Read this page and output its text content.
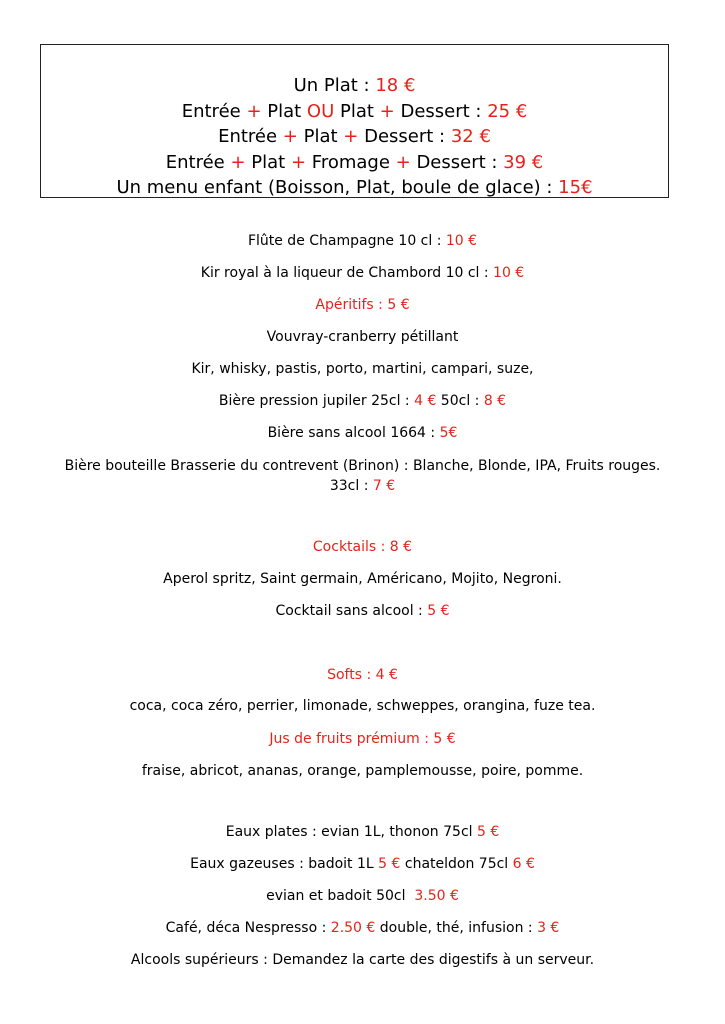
Un Plat : 18 €
Entrée + Plat OU Plat + Dessert : 25 €
Entrée + Plat + Dessert : 32 €
Entrée + Plat + Fromage + Dessert : 39 €
Un menu enfant (Boisson, Plat, boule de glace) : 15€
Flûte de Champagne 10 cl : 10 €
Kir royal à la liqueur de Chambord 10 cl : 10 €
Apéritifs : 5 €
Vouvray-cranberry pétillant
Kir, whisky, pastis, porto, martini, campari, suze,
Bière pression jupiler 25cl : 4 € 50cl : 8 €
Bière sans alcool 1664 : 5€
Bière bouteille Brasserie du contrevent (Brinon) : Blanche, Blonde, IPA, Fruits rouges. 33cl : 7 €
Cocktails : 8 €
Aperol spritz, Saint germain, Américano, Mojito, Negroni.
Cocktail sans alcool : 5 €
Softs : 4 €
coca, coca zéro, perrier, limonade, schweppes, orangina, fuze tea.
Jus de fruits prémium : 5 €
fraise, abricot, ananas, orange, pamplemousse, poire, pomme.
Eaux plates : evian 1L, thonon 75cl 5 €
Eaux gazeuses : badoit 1L 5 € chateldon 75cl 6 €
evian et badoit 50cl  3.50 €
Café, déca Nespresso : 2.50 € double, thé, infusion : 3 €
Alcools supérieurs : Demandez la carte des digestifs à un serveur.
